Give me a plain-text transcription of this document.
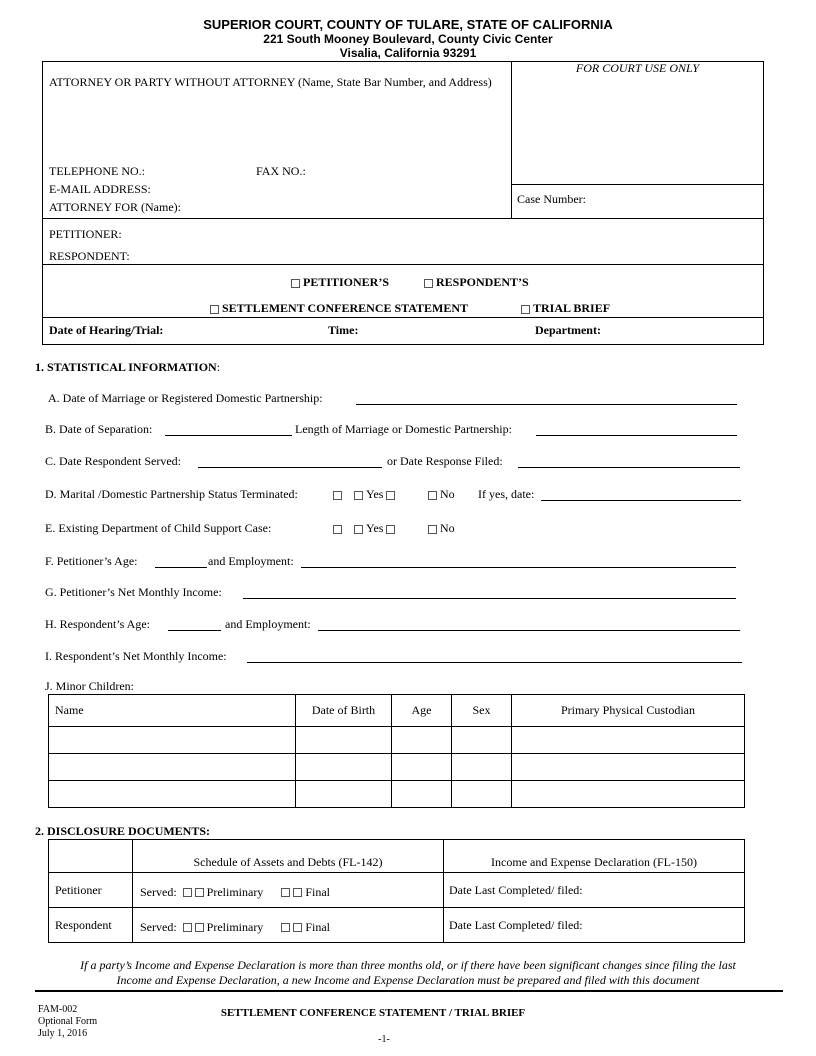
SUPERIOR COURT, COUNTY OF TULARE, STATE OF CALIFORNIA
221 South Mooney Boulevard, County Civic Center
Visalia, California 93291
ATTORNEY OR PARTY WITHOUT ATTORNEY (Name, State Bar Number, and Address)
FOR COURT USE ONLY
TELEPHONE NO.:	FAX NO.:
E-MAIL ADDRESS:
ATTORNEY FOR (Name):
Case Number:
PETITIONER:
RESPONDENT:
PETITIONER’S	RESPONDENT’S
SETTLEMENT CONFERENCE STATEMENT	TRIAL BRIEF
Date of Hearing/Trial:	Time:	Department:
1. STATISTICAL INFORMATION:
A. Date of Marriage or Registered Domestic Partnership:
B. Date of Separation:	Length of Marriage or Domestic Partnership:
C. Date Respondent Served:	or Date Response Filed:
D. Marital /Domestic Partnership Status Terminated:	Yes	No If yes, date:
E. Existing Department of Child Support Case:	Yes	No
F. Petitioner’s Age:	and Employment:
G. Petitioner’s Net Monthly Income:
H. Respondent’s Age:	and Employment:
I. Respondent’s Net Monthly Income:
J. Minor Children:
Name	Date of Birth	Age	Sex	Primary Physical Custodian

2. DISCLOSURE DOCUMENTS:
	Schedule of Assets and Debts (FL-142)	Income and Expense Declaration (FL-150)
Petitioner	Served: Preliminary Final	Date Last Completed/ filed:
Respondent	Served: Preliminary Final	Date Last Completed/ filed:
If a party’s Income and Expense Declaration is more than three months old, or if there have been significant changes since filing the last
Income and Expense Declaration, a new Income and Expense Declaration must be prepared and filed with this document
FAM-002
Optional Form
July 1, 2016
SETTLEMENT CONFERENCE STATEMENT / TRIAL BRIEF
-1-
